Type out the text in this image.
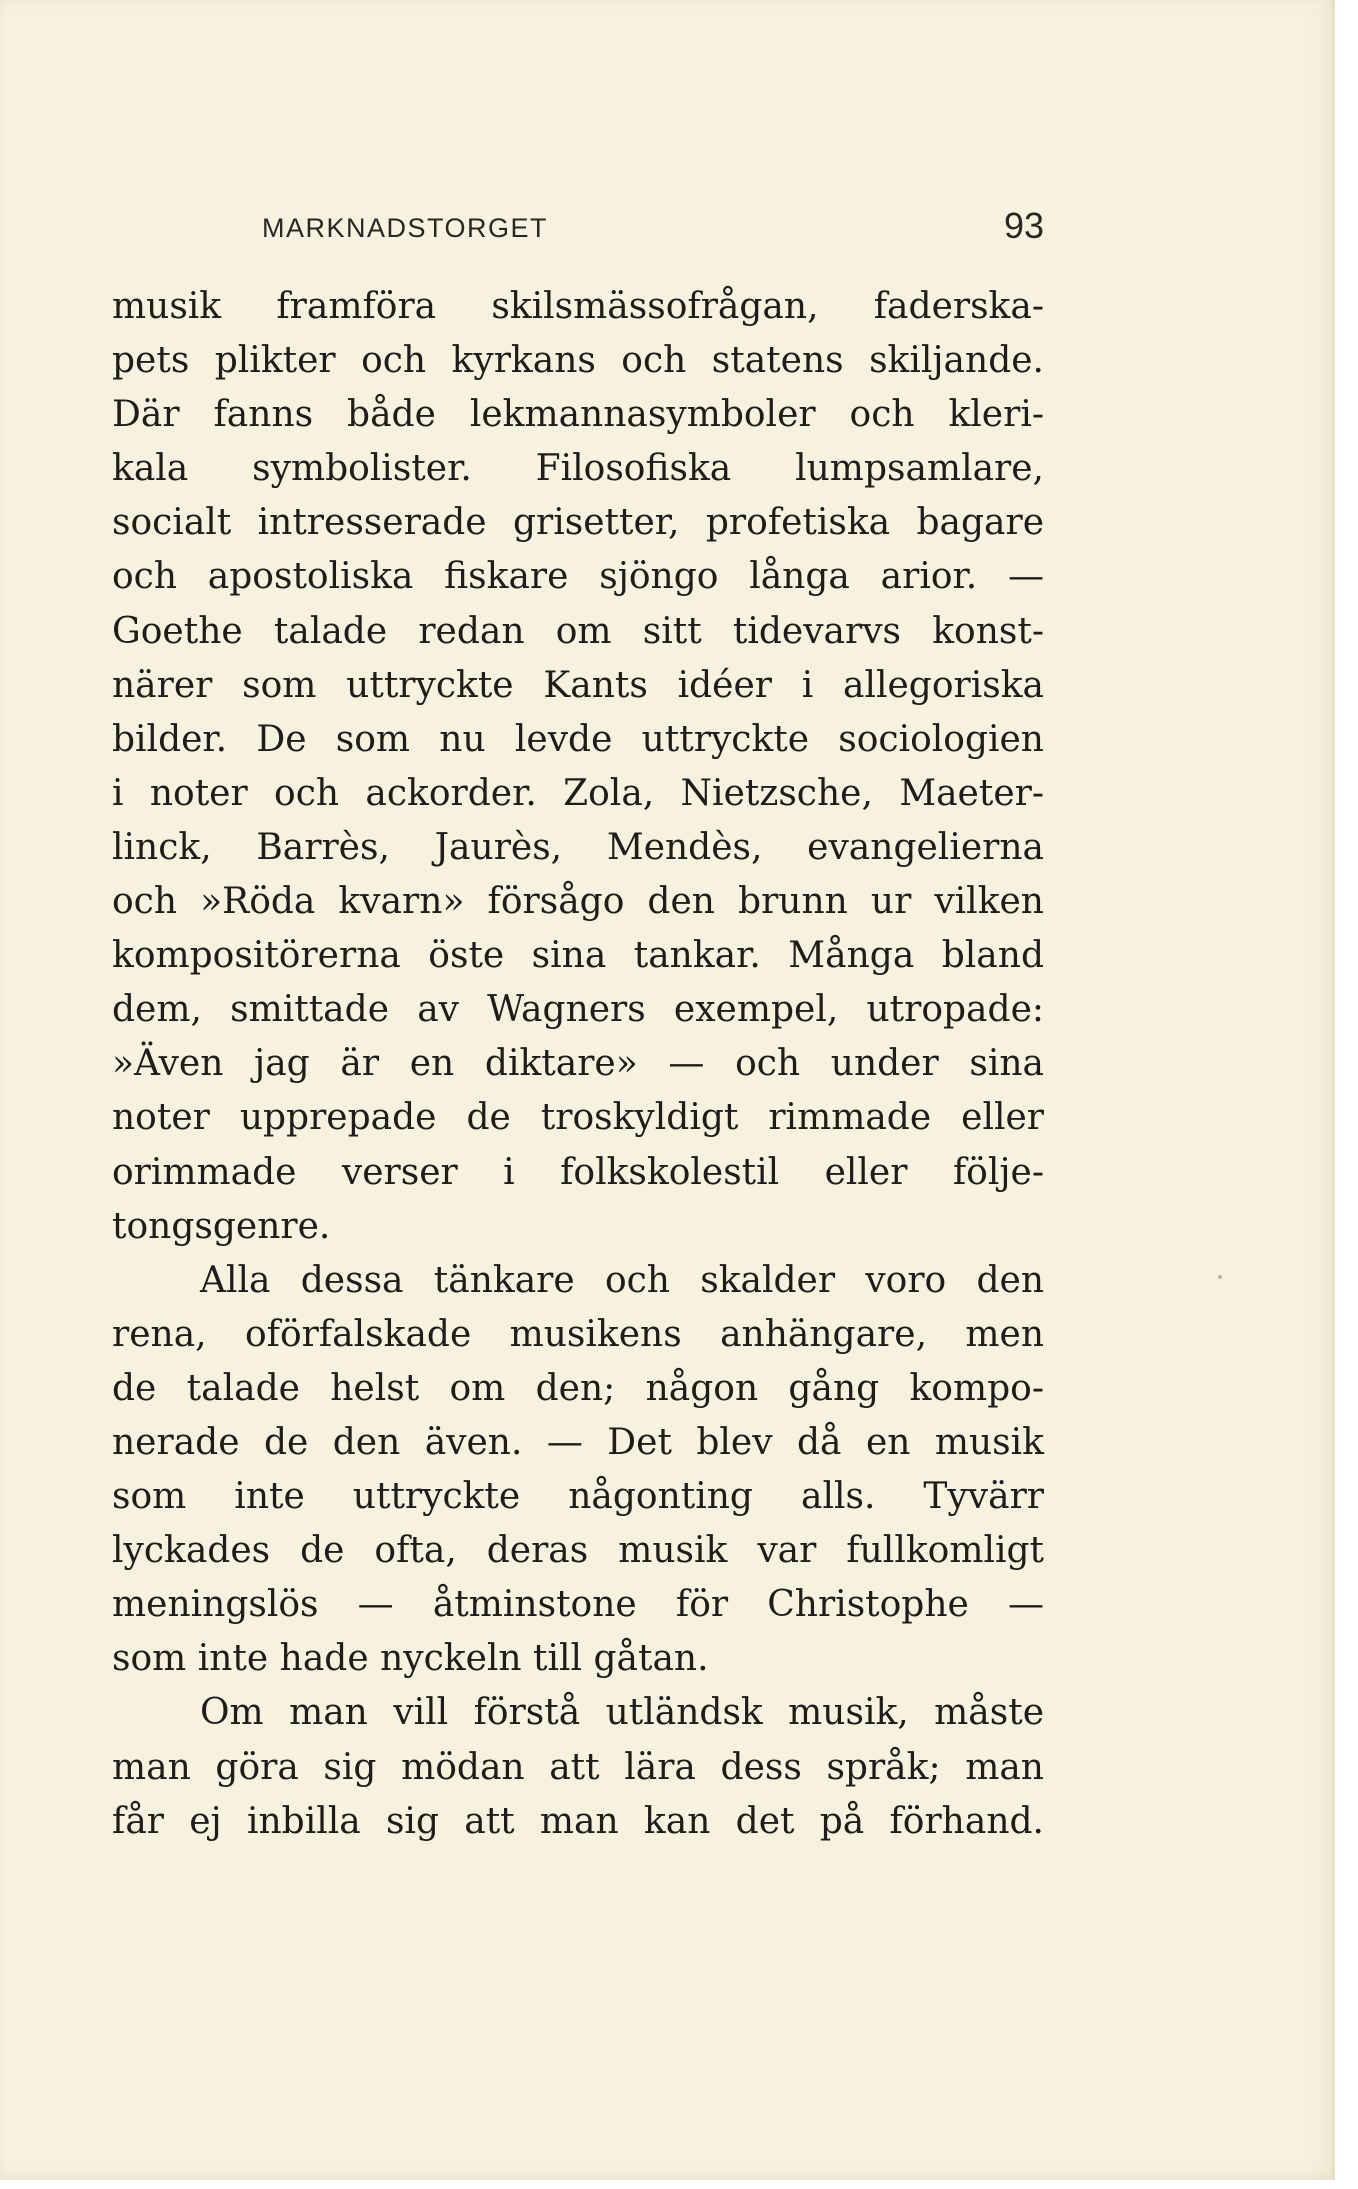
MARKNADSTORGET	93
musik framföra skilsmässofrågan, faderska-
pets plikter och kyrkans och statens skiljande.
Där fanns både lekmannasymboler och kleri-
kala symbolister. Filosofiska lumpsamlare,
socialt intresserade grisetter, profetiska bagare
och apostoliska fiskare sjöngo långa arior. —
Goethe talade redan om sitt tidevarvs konst-
närer som uttryckte Kants idéer i allegoriska
bilder. De som nu levde uttryckte sociologien
i noter och ackorder. Zola, Nietzsche, Maeter-
linck, Barrès, Jaurès, Mendès, evangelierna
och »Röda kvarn» försågo den brunn ur vilken
kompositörerna öste sina tankar. Många bland
dem, smittade av Wagners exempel, utropade:
»Även jag är en diktare» — och under sina
noter upprepade de troskyldigt rimmade eller
orimmade verser i folkskolestil eller följe-
tongsgenre.
Alla dessa tänkare och skalder voro den
rena, oförfalskade musikens anhängare, men
de talade helst om den; någon gång kompo-
nerade de den även. — Det blev då en musik
som inte uttryckte någonting alls. Tyvärr
lyckades de ofta, deras musik var fullkomligt
meningslös — åtminstone för Christophe —
som inte hade nyckeln till gåtan.
Om man vill förstå utländsk musik, måste
man göra sig mödan att lära dess språk; man
får ej inbilla sig att man kan det på förhand.
